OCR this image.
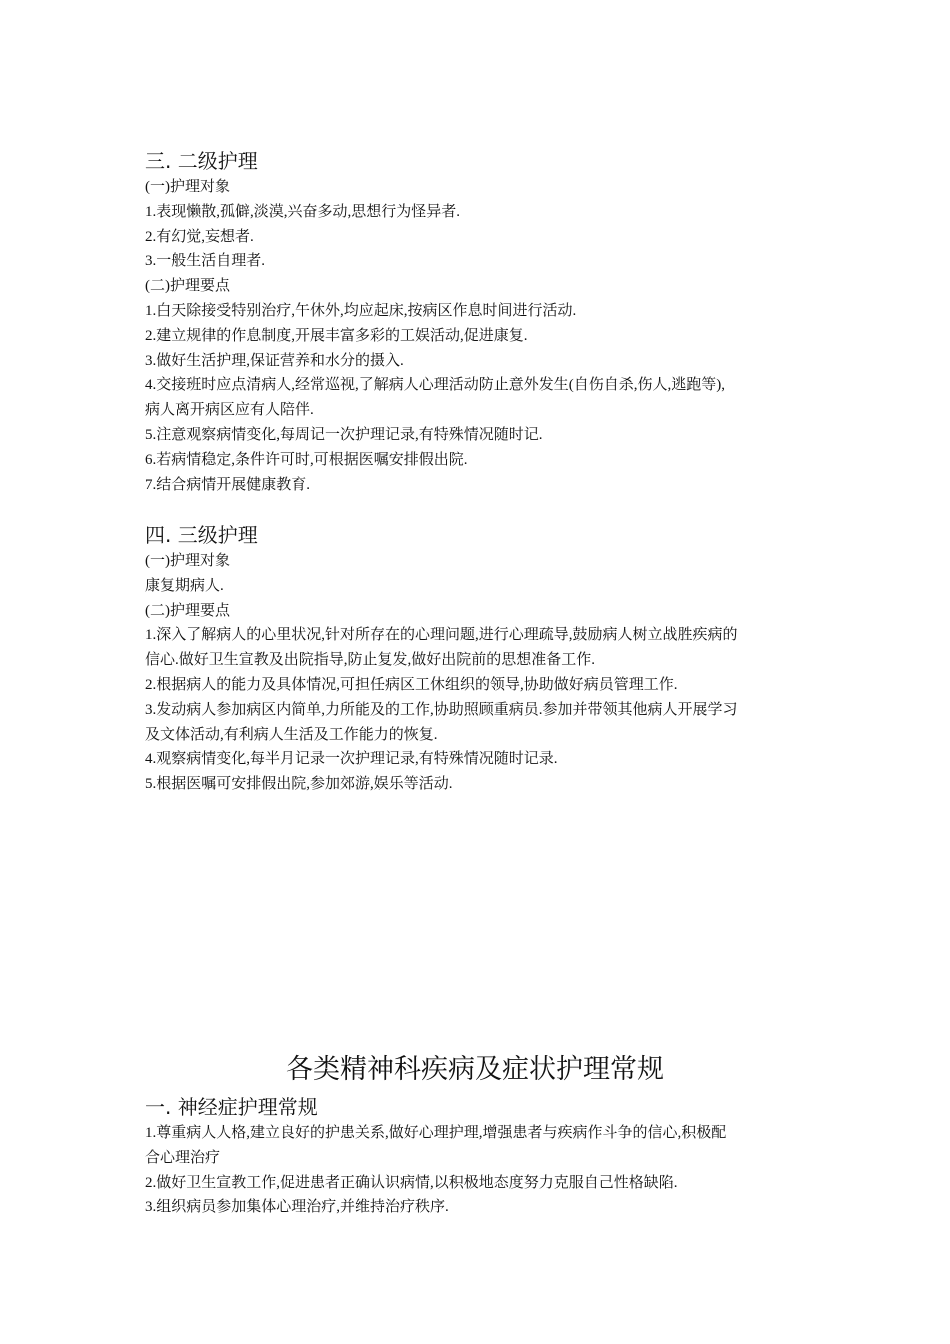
三. 二级护理
(一)护理对象
1.表现懒散,孤僻,淡漠,兴奋多动,思想行为怪异者.
2.有幻觉,妄想者.
3.一般生活自理者.
(二)护理要点
1.白天除接受特别治疗,午休外,均应起床,按病区作息时间进行活动.
2.建立规律的作息制度,开展丰富多彩的工娱活动,促进康复.
3.做好生活护理,保证营养和水分的摄入.
4.交接班时应点清病人,经常巡视,了解病人心理活动防止意外发生(自伤自杀,伤人,逃跑等),
病人离开病区应有人陪伴.
5.注意观察病情变化,每周记一次护理记录,有特殊情况随时记.
6.若病情稳定,条件许可时,可根据医嘱安排假出院.
7.结合病情开展健康教育.
四. 三级护理
(一)护理对象
康复期病人.
(二)护理要点
1.深入了解病人的心里状况,针对所存在的心理问题,进行心理疏导,鼓励病人树立战胜疾病的
信心.做好卫生宣教及出院指导,防止复发,做好出院前的思想准备工作.
2.根据病人的能力及具体情况,可担任病区工休组织的领导,协助做好病员管理工作.
3.发动病人参加病区内简单,力所能及的工作,协助照顾重病员.参加并带领其他病人开展学习
及文体活动,有利病人生活及工作能力的恢复.
4.观察病情变化,每半月记录一次护理记录,有特殊情况随时记录.
5.根据医嘱可安排假出院,参加郊游,娱乐等活动.
各类精神科疾病及症状护理常规
一. 神经症护理常规
1.尊重病人人格,建立良好的护患关系,做好心理护理,增强患者与疾病作斗争的信心,积极配
合心理治疗
2.做好卫生宣教工作,促进患者正确认识病情,以积极地态度努力克服自己性格缺陷.
3.组织病员参加集体心理治疗,并维持治疗秩序.
